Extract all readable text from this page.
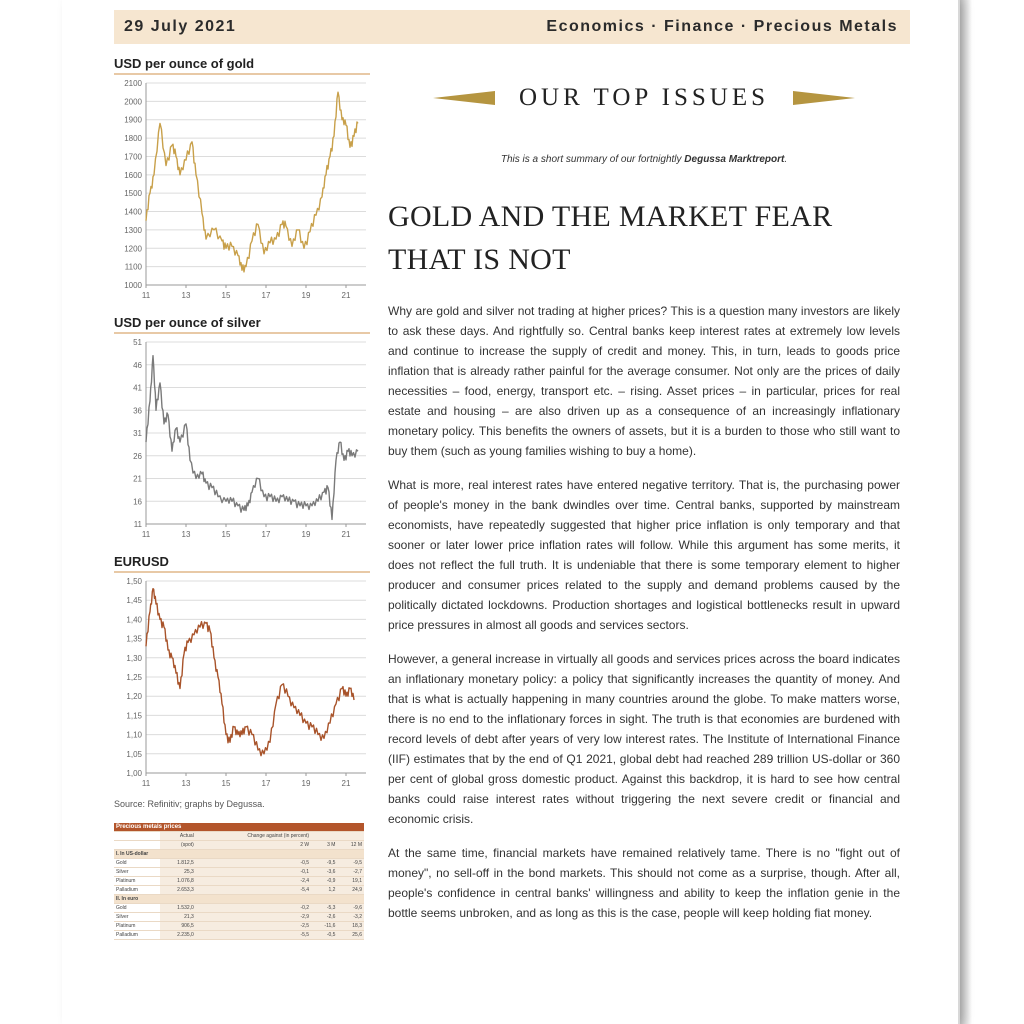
29 July 2021	Economics · Finance · Precious Metals
USD per ounce of gold
2100
2000
1900
1800
1700
1600
1500
1400
1300
1200
1100
1000
11	13	15	17	19	21
USD per ounce of silver
51
46
41
36
31
26
21
16
11
11	13	15	17	19	21
EURUSD
1,50
1,45
1,40
1,35
1,30
1,25
1,20
1,15
1,10
1,05
1,00
11	13	15	17	19	21
Source: Refinitiv; graphs by Degussa.
Precious metals prices				
	Actual	Change against (in percent)		
	(spot)	2 W	3 M	12 M
I. In US-dollar				
Gold	1.812,5	-0,5	-9,5	-9,5
Silver	25,3	-0,1	-3,6	-2,7
Platinum	1.076,8	-2,4	-0,9	19,1
Palladium	2.653,3	-5,4	1,2	24,9
II. In euro				
Gold	1.532,0	-0,2	-5,3	-9,6
Silver	21,3	-2,9	-2,6	-3,2
Platinum	906,5	-2,5	-11,6	18,3
Palladium	2.235,0	-5,5	-0,5	25,6
OUR TOP ISSUES
This is a short summary of our fortnightly Degussa Marktreport.
GOLD AND THE MARKET FEAR THAT IS NOT

Why are gold and silver not trading at higher prices? This is a question many investors are likely to ask these days. And rightfully so. Central banks keep interest rates at extremely low levels and continue to increase the supply of credit and money. This, in turn, leads to goods price inflation that is already rather painful for the average consumer. Not only are the prices of daily necessities – food, energy, transport etc. – rising. Asset prices – in particular, prices for real estate and housing – are also driven up as a consequence of an increasingly inflationary monetary policy. This benefits the owners of assets, but it is a burden to those who still want to buy them (such as young families wishing to buy a home).

What is more, real interest rates have entered negative territory. That is, the purchasing power of people's money in the bank dwindles over time. Central banks, supported by mainstream economists, have repeatedly suggested that higher price inflation is only temporary and that sooner or later lower price inflation rates will follow. While this argument has some merits, it does not reflect the full truth. It is undeniable that there is some temporary element to higher producer and consumer prices related to the supply and demand problems caused by the politically dictated lockdowns. Production shortages and logistical bottlenecks result in upward price pressures in almost all goods and services sectors.

However, a general increase in virtually all goods and services prices across the board indicates an inflationary monetary policy: a policy that significantly increases the quantity of money. And that is what is actually happening in many countries around the globe. To make matters worse, there is no end to the inflationary forces in sight. The truth is that economies are burdened with record levels of debt after years of very low interest rates. The Institute of International Finance (IIF) estimates that by the end of Q1 2021, global debt had reached 289 trillion US-dollar or 360 per cent of global gross domestic product. Against this backdrop, it is hard to see how central banks could raise interest rates without triggering the next severe credit or financial and economic crisis.

At the same time, financial markets have remained relatively tame. There is no "fight out of money", no sell-off in the bond markets. This should not come as a surprise, though. After all, people's confidence in central banks' willingness and ability to keep the inflation genie in the bottle seems unbroken, and as long as this is the case, people will keep holding fiat money.
